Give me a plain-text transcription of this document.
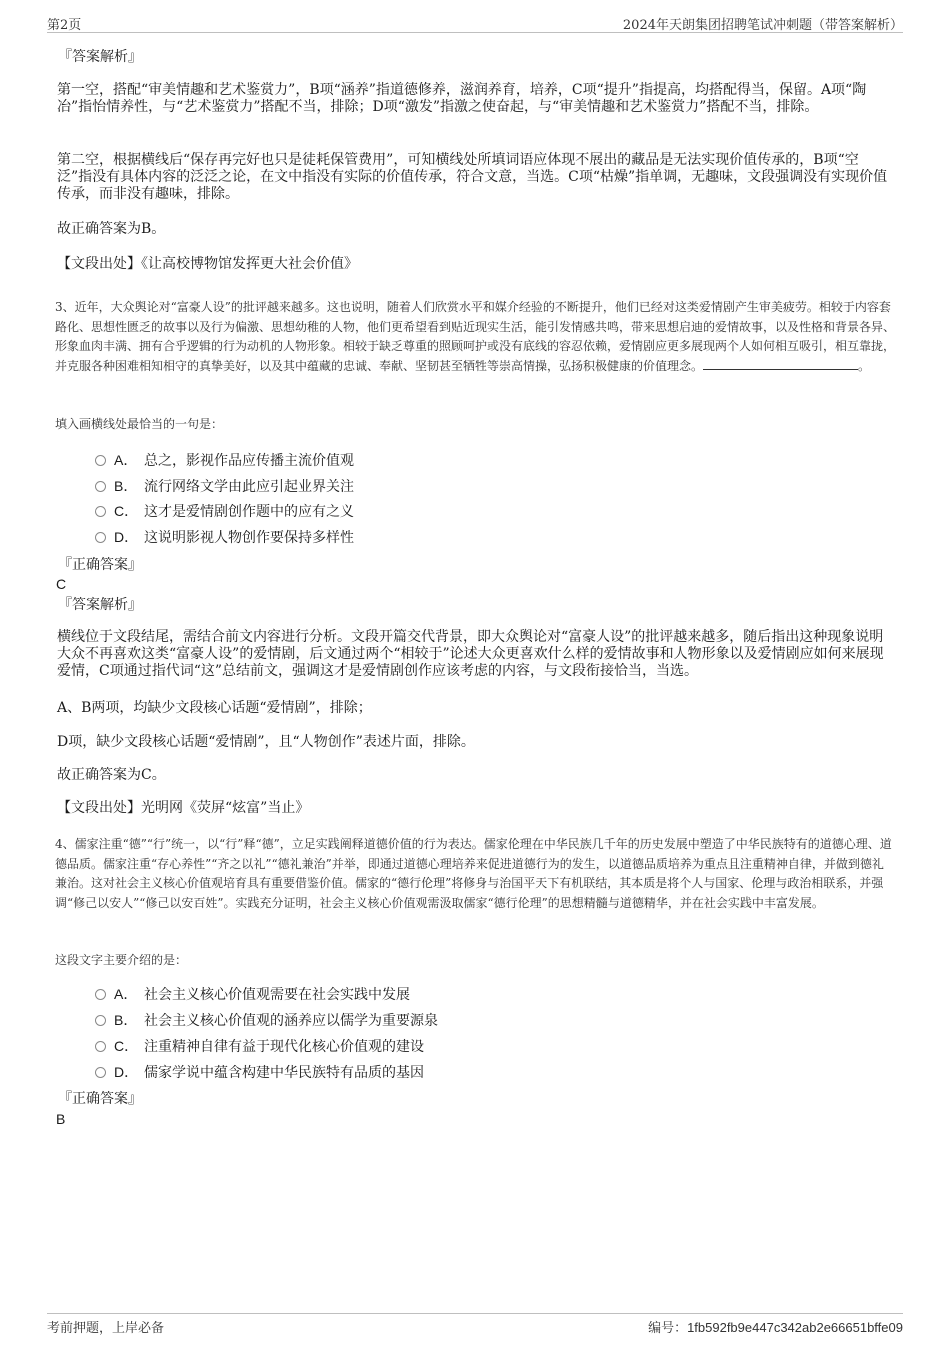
第2页	2024年天朗集团招聘笔试冲刺题（带答案解析）
『答案解析』
第一空，搭配“审美情趣和艺术鉴赏力”，B项“涵养”指道德修养，滋润养育，培养，C项“提升”指提高，均搭配得当，保留。A项“陶冶”指怡情养性，与“艺术鉴赏力”搭配不当，排除；D项“激发”指激之使奋起，与“审美情趣和艺术鉴赏力”搭配不当，排除。
第二空，根据横线后“保存再完好也只是徒耗保管费用”，可知横线处所填词语应体现不展出的藏品是无法实现价值传承的，B项“空泛”指没有具体内容的泛泛之论，在文中指没有实际的价值传承，符合文意，当选。C项“枯燥”指单调，无趣味，文段强调没有实现价值传承，而非没有趣味，排除。
故正确答案为B。
【文段出处】《让高校博物馆发挥更大社会价值》
3、近年，大众舆论对“富豪人设”的批评越来越多。这也说明，随着人们欣赏水平和媒介经验的不断提升，他们已经对这类爱情剧产生审美疲劳。相较于内容套路化、思想性匮乏的故事以及行为偏激、思想幼稚的人物，他们更希望看到贴近现实生活，能引发情感共鸣，带来思想启迪的爱情故事，以及性格和背景各异、形象血肉丰满、拥有合乎逻辑的行为动机的人物形象。相较于缺乏尊重的照顾呵护或没有底线的容忍依赖，爱情剧应更多展现两个人如何相互吸引，相互靠拢，并克服各种困难相知相守的真挚美好，以及其中蕴藏的忠诚、奉献、坚韧甚至牺牲等崇高情操，弘扬积极健康的价值理念。	。
填入画横线处最恰当的一句是：
A． 总之，影视作品应传播主流价值观
B． 流行网络文学由此应引起业界关注
C． 这才是爱情剧创作题中的应有之义
D． 这说明影视人物创作要保持多样性
『正确答案』
C
『答案解析』
横线位于文段结尾，需结合前文内容进行分析。文段开篇交代背景，即大众舆论对“富豪人设”的批评越来越多，随后指出这种现象说明大众不再喜欢这类“富豪人设”的爱情剧，后文通过两个“相较于”论述大众更喜欢什么样的爱情故事和人物形象以及爱情剧应如何来展现爱情，C项通过指代词“这”总结前文，强调这才是爱情剧创作应该考虑的内容，与文段衔接恰当，当选。
A、B两项，均缺少文段核心话题“爱情剧”，排除；
D项，缺少文段核心话题“爱情剧”，且“人物创作”表述片面，排除。
故正确答案为C。
【文段出处】光明网《荧屏“炫富”当止》
4、儒家注重“德”“行”统一，以“行”释“德”，立足实践阐释道德价值的行为表达。儒家伦理在中华民族几千年的历史发展中塑造了中华民族特有的道德心理、道德品质。儒家注重“存心养性”“齐之以礼”“德礼兼治”并举，即通过道德心理培养来促进道德行为的发生，以道德品质培养为重点且注重精神自律，并做到德礼兼治。这对社会主义核心价值观培育具有重要借鉴价值。儒家的“德行伦理”将修身与治国平天下有机联结，其本质是将个人与国家、伦理与政治相联系，并强调“修己以安人”“修己以安百姓”。实践充分证明，社会主义核心价值观需汲取儒家“德行伦理”的思想精髓与道德精华，并在社会实践中丰富发展。
这段文字主要介绍的是：
A． 社会主义核心价值观需要在社会实践中发展
B． 社会主义核心价值观的涵养应以儒学为重要源泉
C． 注重精神自律有益于现代化核心价值观的建设
D． 儒家学说中蕴含构建中华民族特有品质的基因
『正确答案』
B
考前押题，上岸必备	编号：1fb592fb9e447c342ab2e66651bffe09
